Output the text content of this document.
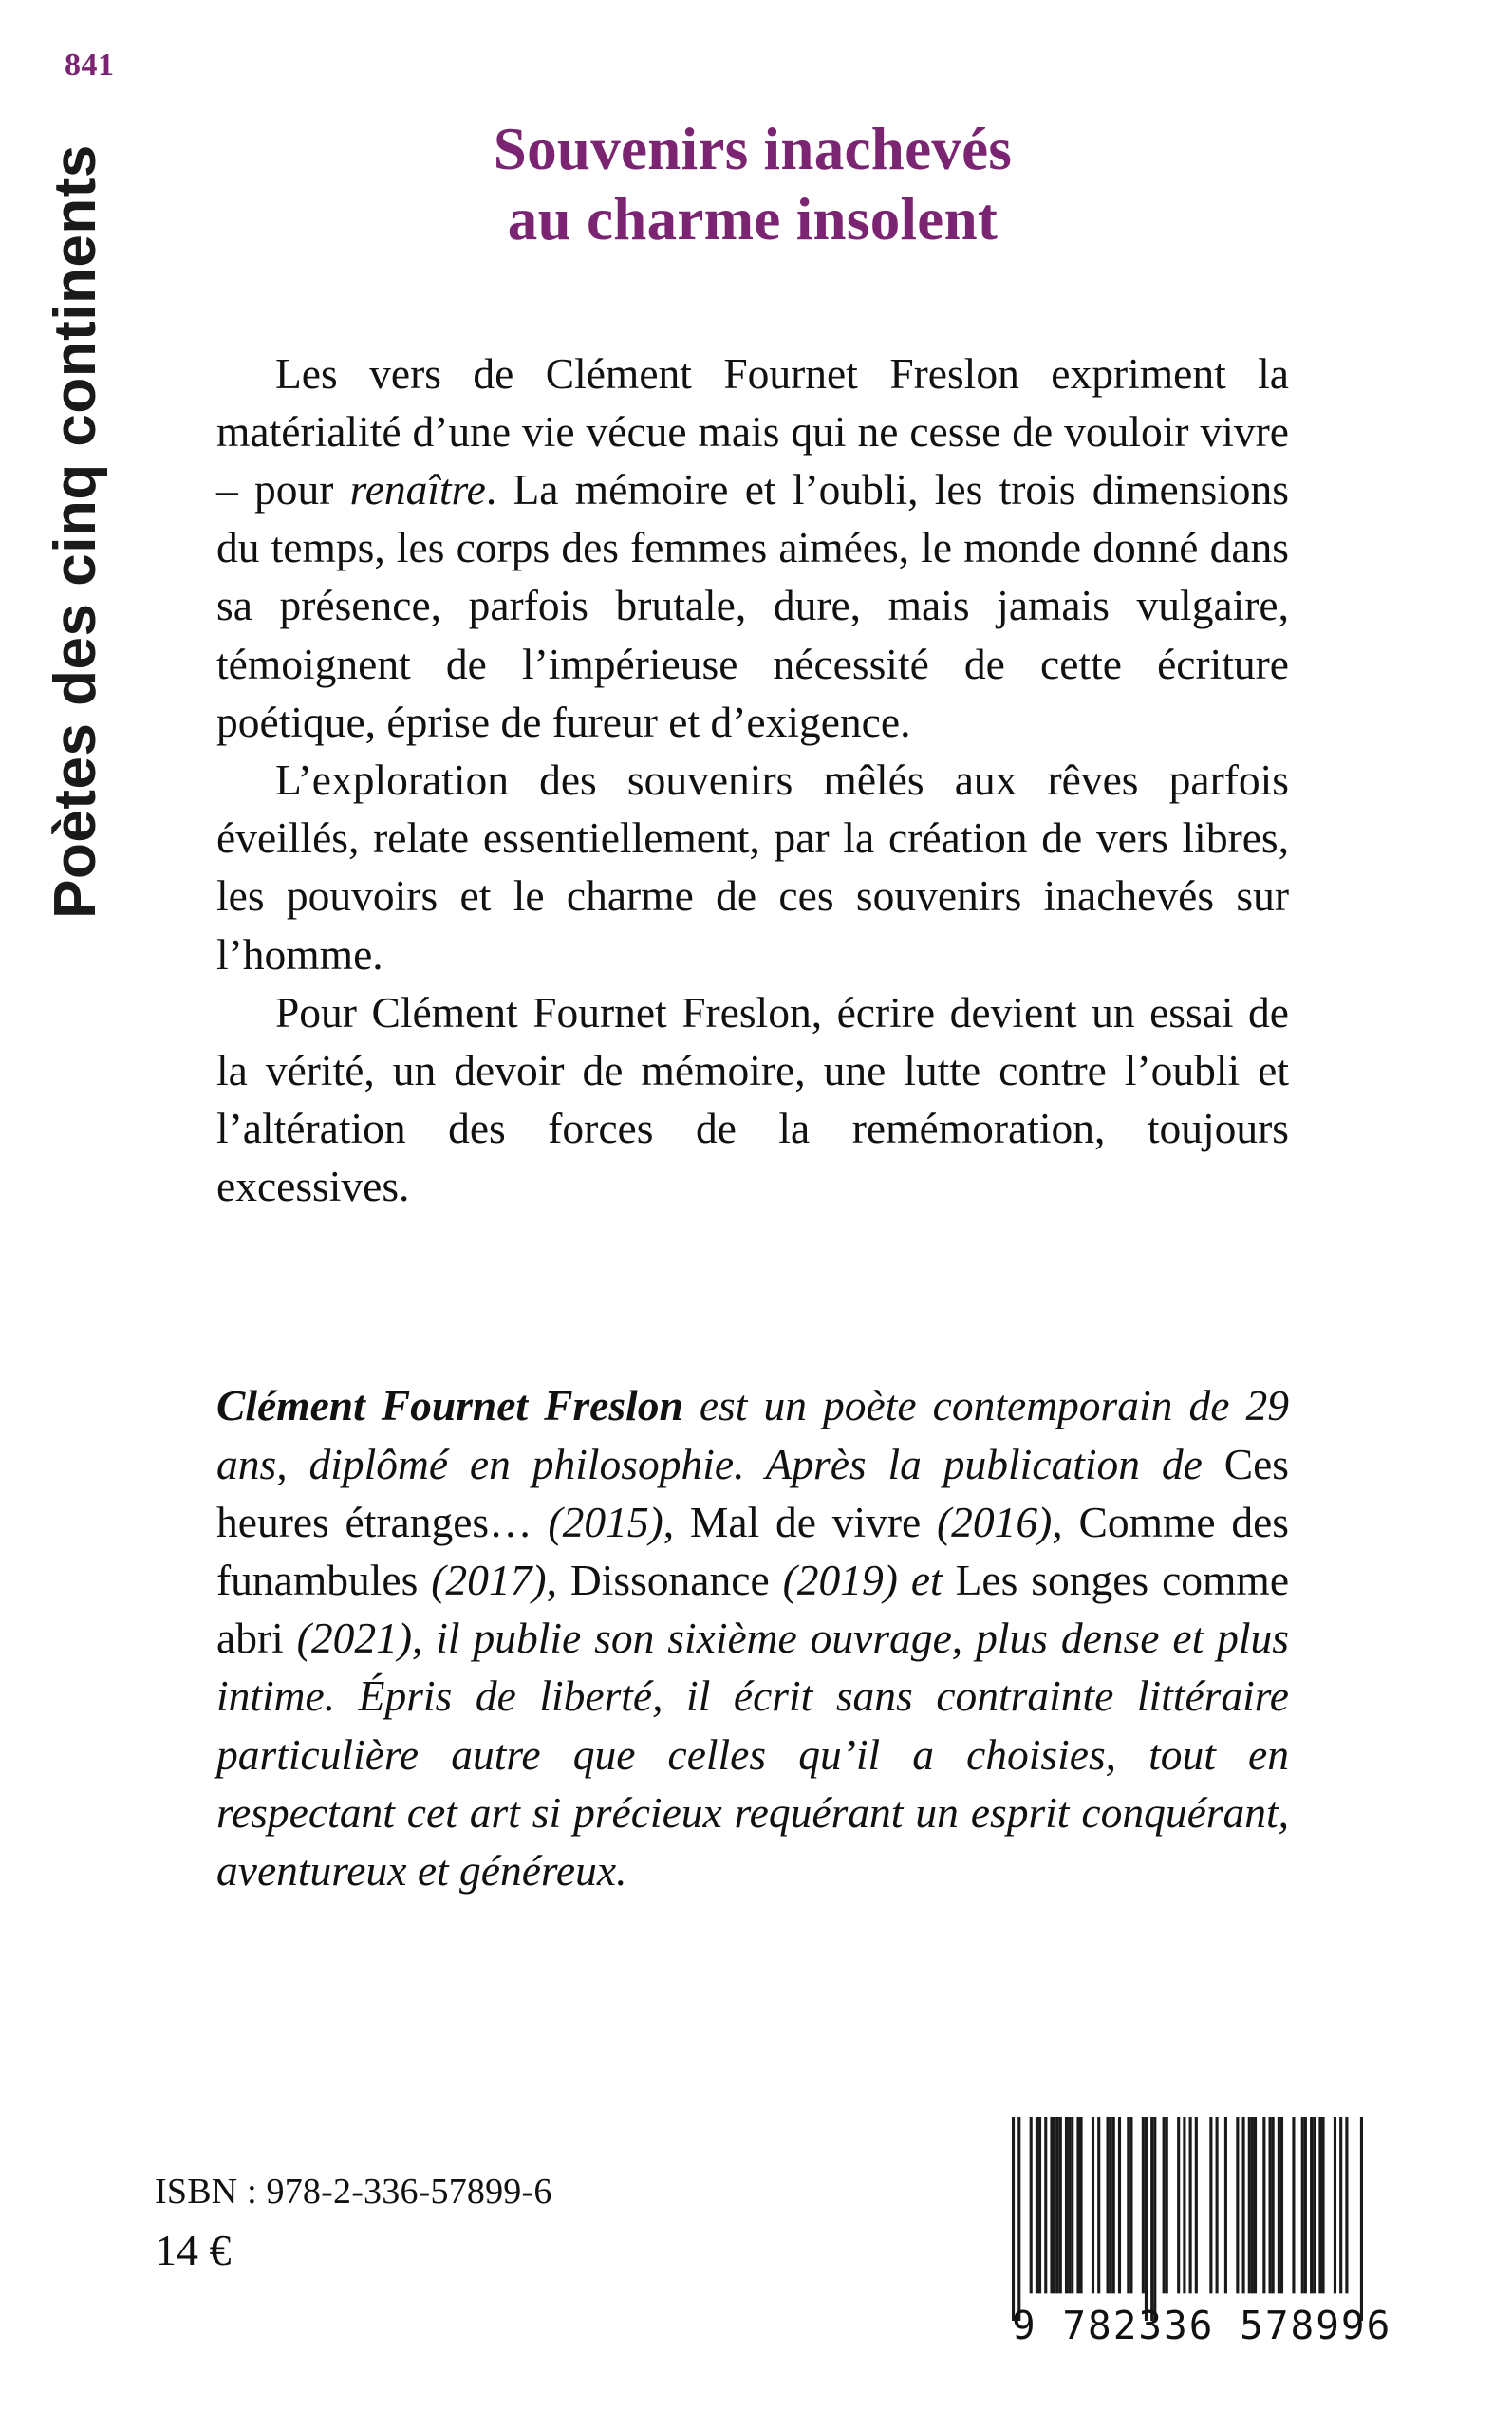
841
Poètes des cinq continents	Souvenirs inachevés
au charme insolent

Les vers de Clément Fournet Freslon expriment la matérialité d’une vie vécue mais qui ne cesse de vouloir vivre – pour renaître. La mémoire et l’oubli, les trois dimensions du temps, les corps des femmes aimées, le monde donné dans sa présence, parfois brutale, dure, mais jamais vulgaire, témoignent de l’impérieuse nécessité de cette écriture poétique, éprise de fureur et d’exigence.

L’exploration des souvenirs mêlés aux rêves parfois éveillés, relate essentiellement, par la création de vers libres, les pouvoirs et le charme de ces souvenirs inachevés sur l’homme.

Pour Clément Fournet Freslon, écrire devient un essai de la vérité, un devoir de mémoire, une lutte contre l’oubli et l’altération des forces de la remémoration, toujours excessives.

Clément Fournet Freslon est un poète contemporain de 29 ans, diplômé en philosophie. Après la publication de Ces heures étranges… (2015), Mal de vivre (2016), Comme des funambules (2017), Dissonance (2019) et Les songes comme abri (2021), il publie son sixième ouvrage, plus dense et plus intime. Épris de liberté, il écrit sans contrainte littéraire particulière autre que celles qu’il a choisies, tout en respectant cet art si précieux requérant un esprit conquérant, aventureux et généreux.

ISBN : 978-2-336-57899-6
14 €
9 782336 578996
